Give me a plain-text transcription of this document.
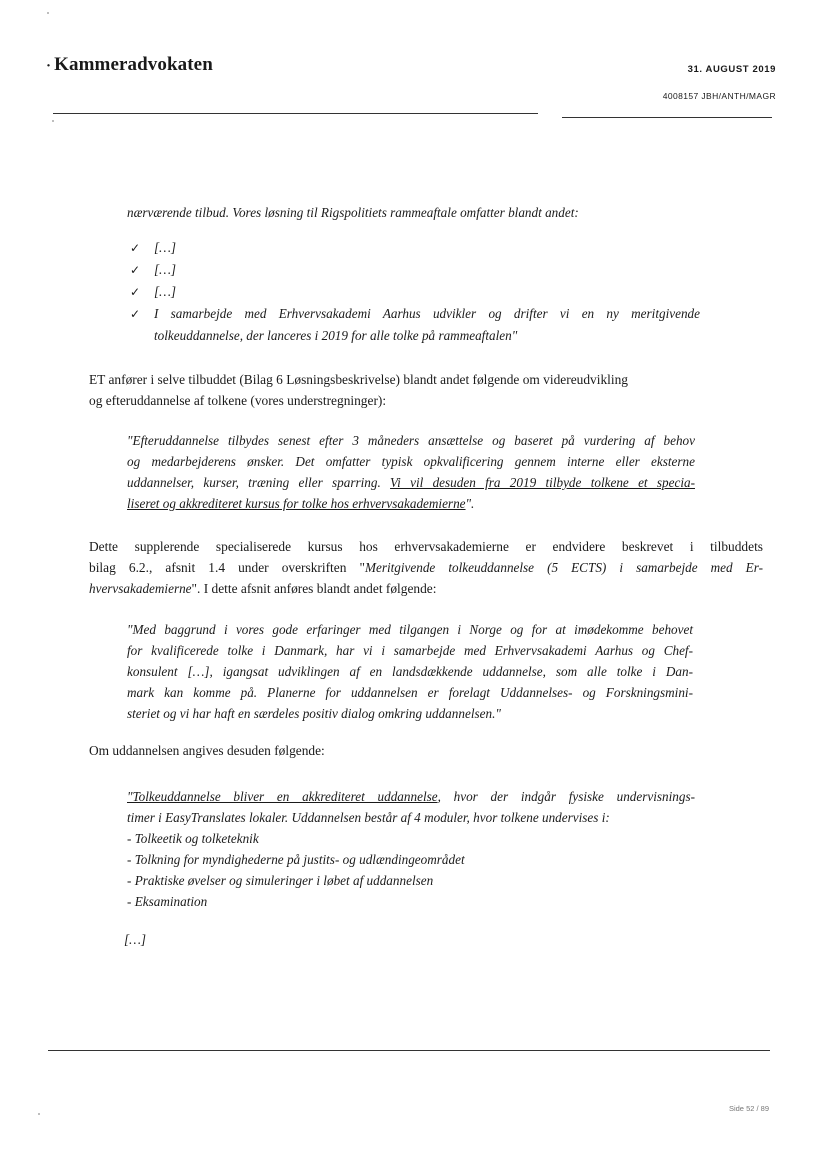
· Kammeradvokaten	31. AUGUST 2019
4008157 JBH/ANTH/MAGR
nærværende tilbud. Vores løsning til Rigspolitiets rammeaftale omfatter blandt andet:
✓	[…]
✓	[…]
✓	[…]
✓	I samarbejde med Erhvervsakademi Aarhus udvikler og drifter vi en ny meritgivende
tolkeuddannelse, der lanceres i 2019 for alle tolke på rammeaftalen"
ET anfører i selve tilbuddet (Bilag 6 Løsningsbeskrivelse) blandt andet følgende om videreudvikling
og efteruddannelse af tolkene (vores understregninger):
"Efteruddannelse tilbydes senest efter 3 måneders ansættelse og baseret på vurdering af behov
og medarbejderens ønsker. Det omfatter typisk opkvalificering gennem interne eller eksterne
uddannelser, kurser, træning eller sparring. Vi vil desuden fra 2019 tilbyde tolkene et specia-
liseret og akkrediteret kursus for tolke hos erhvervsakademierne".
Dette supplerende specialiserede kursus hos erhvervsakademierne er endvidere beskrevet i tilbuddets
bilag 6.2., afsnit 1.4 under overskriften "Meritgivende tolkeuddannelse (5 ECTS) i samarbejde med Er-
hvervsakademierne". I dette afsnit anføres blandt andet følgende:
"Med baggrund i vores gode erfaringer med tilgangen i Norge og for at imødekomme behovet
for kvalificerede tolke i Danmark, har vi i samarbejde med Erhvervsakademi Aarhus og Chef-
konsulent […], igangsat udviklingen af en landsdækkende uddannelse, som alle tolke i Dan-
mark kan komme på. Planerne for uddannelsen er forelagt Uddannelses- og Forskningsmini-
steriet og vi har haft en særdeles positiv dialog omkring uddannelsen."
Om uddannelsen angives desuden følgende:
"Tolkeuddannelse bliver en akkrediteret uddannelse, hvor der indgår fysiske undervisnings-
timer i EasyTranslates lokaler. Uddannelsen består af 4 moduler, hvor tolkene undervises i:
- Tolkeetik og tolketeknik
- Tolkning for myndighederne på justits- og udlændingeområdet
- Praktiske øvelser og simuleringer i løbet af uddannelsen
- Eksamination
[…]
Side 52 / 89
